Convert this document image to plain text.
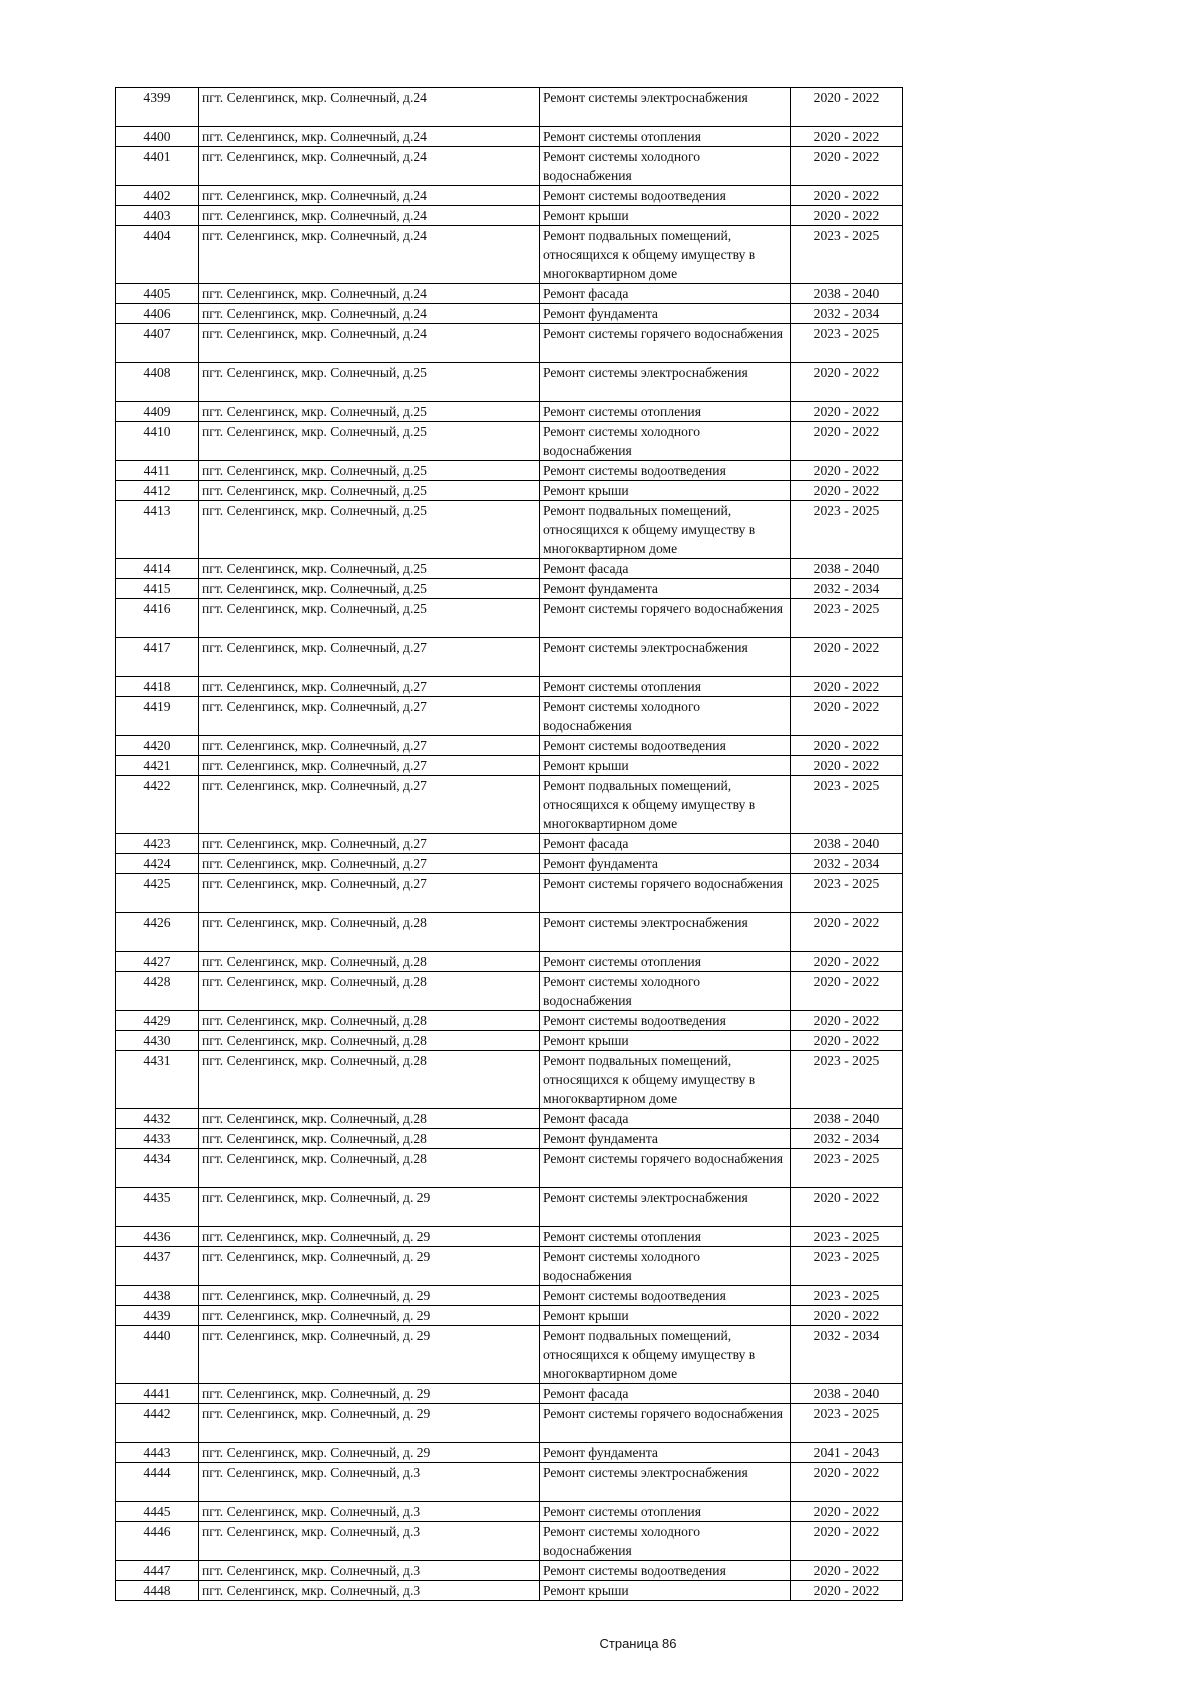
4399	пгт. Селенгинск, мкр. Солнечный, д.24	Ремонт системы электроснабжения	2020 - 2022
4400	пгт. Селенгинск, мкр. Солнечный, д.24	Ремонт системы отопления	2020 - 2022
4401	пгт. Селенгинск, мкр. Солнечный, д.24	Ремонт системы холодного водоснабжения	2020 - 2022
4402	пгт. Селенгинск, мкр. Солнечный, д.24	Ремонт системы водоотведения	2020 - 2022
4403	пгт. Селенгинск, мкр. Солнечный, д.24	Ремонт крыши	2020 - 2022
4404	пгт. Селенгинск, мкр. Солнечный, д.24	Ремонт подвальных помещений, относящихся к общему имуществу в многоквартирном доме	2023 - 2025
4405	пгт. Селенгинск, мкр. Солнечный, д.24	Ремонт фасада	2038 - 2040
4406	пгт. Селенгинск, мкр. Солнечный, д.24	Ремонт фундамента	2032 - 2034
4407	пгт. Селенгинск, мкр. Солнечный, д.24	Ремонт системы горячего водоснабжения	2023 - 2025
4408	пгт. Селенгинск, мкр. Солнечный, д.25	Ремонт системы электроснабжения	2020 - 2022
4409	пгт. Селенгинск, мкр. Солнечный, д.25	Ремонт системы отопления	2020 - 2022
4410	пгт. Селенгинск, мкр. Солнечный, д.25	Ремонт системы холодного водоснабжения	2020 - 2022
4411	пгт. Селенгинск, мкр. Солнечный, д.25	Ремонт системы водоотведения	2020 - 2022
4412	пгт. Селенгинск, мкр. Солнечный, д.25	Ремонт крыши	2020 - 2022
4413	пгт. Селенгинск, мкр. Солнечный, д.25	Ремонт подвальных помещений, относящихся к общему имуществу в многоквартирном доме	2023 - 2025
4414	пгт. Селенгинск, мкр. Солнечный, д.25	Ремонт фасада	2038 - 2040
4415	пгт. Селенгинск, мкр. Солнечный, д.25	Ремонт фундамента	2032 - 2034
4416	пгт. Селенгинск, мкр. Солнечный, д.25	Ремонт системы горячего водоснабжения	2023 - 2025
4417	пгт. Селенгинск, мкр. Солнечный, д.27	Ремонт системы электроснабжения	2020 - 2022
4418	пгт. Селенгинск, мкр. Солнечный, д.27	Ремонт системы отопления	2020 - 2022
4419	пгт. Селенгинск, мкр. Солнечный, д.27	Ремонт системы холодного водоснабжения	2020 - 2022
4420	пгт. Селенгинск, мкр. Солнечный, д.27	Ремонт системы водоотведения	2020 - 2022
4421	пгт. Селенгинск, мкр. Солнечный, д.27	Ремонт крыши	2020 - 2022
4422	пгт. Селенгинск, мкр. Солнечный, д.27	Ремонт подвальных помещений, относящихся к общему имуществу в многоквартирном доме	2023 - 2025
4423	пгт. Селенгинск, мкр. Солнечный, д.27	Ремонт фасада	2038 - 2040
4424	пгт. Селенгинск, мкр. Солнечный, д.27	Ремонт фундамента	2032 - 2034
4425	пгт. Селенгинск, мкр. Солнечный, д.27	Ремонт системы горячего водоснабжения	2023 - 2025
4426	пгт. Селенгинск, мкр. Солнечный, д.28	Ремонт системы электроснабжения	2020 - 2022
4427	пгт. Селенгинск, мкр. Солнечный, д.28	Ремонт системы отопления	2020 - 2022
4428	пгт. Селенгинск, мкр. Солнечный, д.28	Ремонт системы холодного водоснабжения	2020 - 2022
4429	пгт. Селенгинск, мкр. Солнечный, д.28	Ремонт системы водоотведения	2020 - 2022
4430	пгт. Селенгинск, мкр. Солнечный, д.28	Ремонт крыши	2020 - 2022
4431	пгт. Селенгинск, мкр. Солнечный, д.28	Ремонт подвальных помещений, относящихся к общему имуществу в многоквартирном доме	2023 - 2025
4432	пгт. Селенгинск, мкр. Солнечный, д.28	Ремонт фасада	2038 - 2040
4433	пгт. Селенгинск, мкр. Солнечный, д.28	Ремонт фундамента	2032 - 2034
4434	пгт. Селенгинск, мкр. Солнечный, д.28	Ремонт системы горячего водоснабжения	2023 - 2025
4435	пгт. Селенгинск, мкр. Солнечный, д. 29	Ремонт системы электроснабжения	2020 - 2022
4436	пгт. Селенгинск, мкр. Солнечный, д. 29	Ремонт системы отопления	2023 - 2025
4437	пгт. Селенгинск, мкр. Солнечный, д. 29	Ремонт системы холодного водоснабжения	2023 - 2025
4438	пгт. Селенгинск, мкр. Солнечный, д. 29	Ремонт системы водоотведения	2023 - 2025
4439	пгт. Селенгинск, мкр. Солнечный, д. 29	Ремонт крыши	2020 - 2022
4440	пгт. Селенгинск, мкр. Солнечный, д. 29	Ремонт подвальных помещений, относящихся к общему имуществу в многоквартирном доме	2032 - 2034
4441	пгт. Селенгинск, мкр. Солнечный, д. 29	Ремонт фасада	2038 - 2040
4442	пгт. Селенгинск, мкр. Солнечный, д. 29	Ремонт системы горячего водоснабжения	2023 - 2025
4443	пгт. Селенгинск, мкр. Солнечный, д. 29	Ремонт фундамента	2041 - 2043
4444	пгт. Селенгинск, мкр. Солнечный, д.3	Ремонт системы электроснабжения	2020 - 2022
4445	пгт. Селенгинск, мкр. Солнечный, д.3	Ремонт системы отопления	2020 - 2022
4446	пгт. Селенгинск, мкр. Солнечный, д.3	Ремонт системы холодного водоснабжения	2020 - 2022
4447	пгт. Селенгинск, мкр. Солнечный, д.3	Ремонт системы водоотведения	2020 - 2022
4448	пгт. Селенгинск, мкр. Солнечный, д.3	Ремонт крыши	2020 - 2022
Страница 86
